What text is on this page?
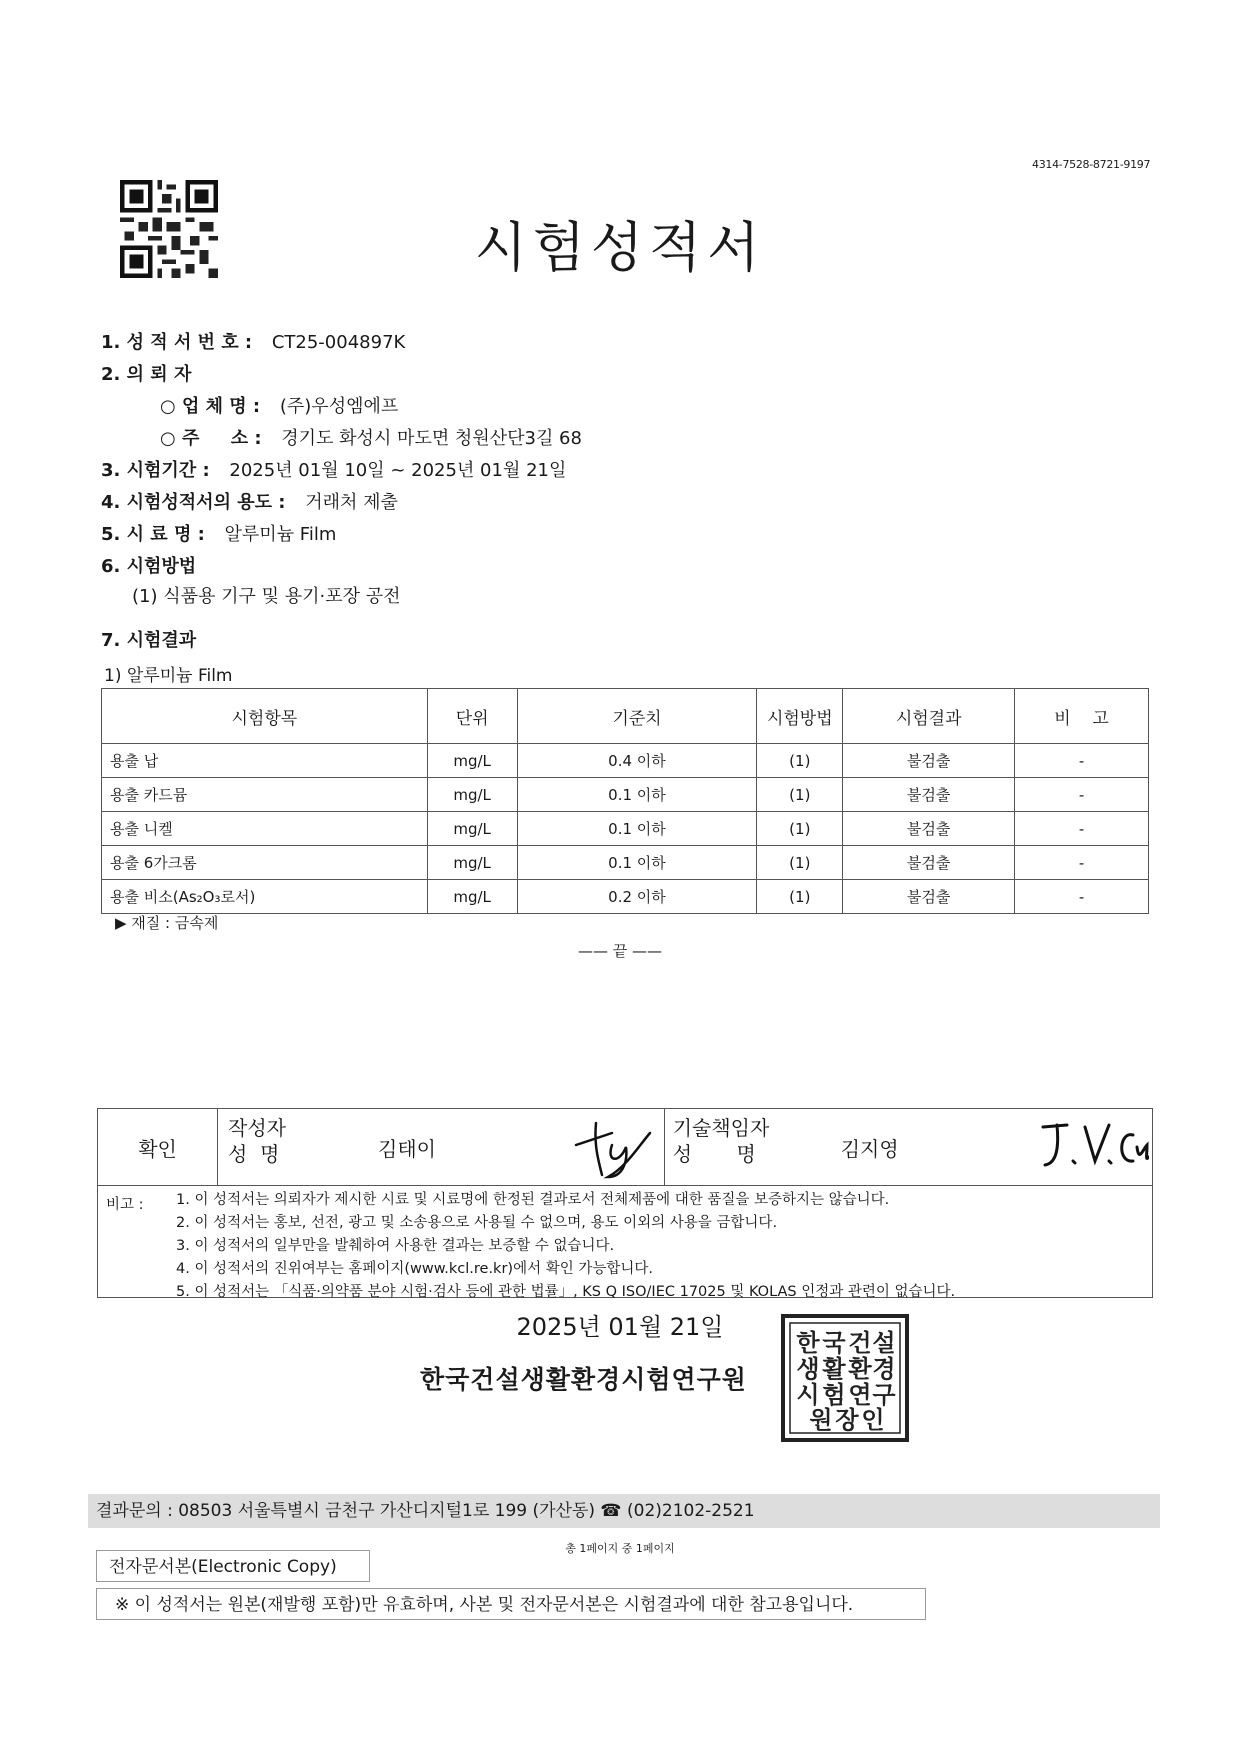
4314-7528-8721-9197
시험성적서
1. 성 적 서 번 호 : CT25-004897K
2. 의 뢰 자
○ 업 체 명 : (주)우성엠에프
○ 주     소 : 경기도 화성시 마도면 청원산단3길 68
3. 시험기간 : 2025년 01월 10일 ~ 2025년 01월 21일
4. 시험성적서의 용도 : 거래처 제출
5. 시 료 명 : 알루미늄 Film
6. 시험방법
(1) 식품용 기구 및 용기·포장 공전
7. 시험결과
1) 알루미늄 Film
시험항목	단위	기준치	시험방법	시험결과	비    고
용출 납	mg/L	0.4 이하	(1)	불검출	-
용출 카드뮴	mg/L	0.1 이하	(1)	불검출	-
용출 니켈	mg/L	0.1 이하	(1)	불검출	-
용출 6가크롬	mg/L	0.1 이하	(1)	불검출	-
용출 비소(As₂O₃로서)	mg/L	0.2 이하	(1)	불검출	-
▶ 재질 : 금속제
—— 끝 ——
확인	
작성자
성  명	김태이

기술책임자
성       명	김지영
비고 : 1. 이 성적서는 의뢰자가 제시한 시료 및 시료명에 한정된 결과로서 전체제품에 대한 품질을 보증하지는 않습니다.
2. 이 성적서는 홍보, 선전, 광고 및 소송용으로 사용될 수 없으며, 용도 이외의 사용을 금합니다.
3. 이 성적서의 일부만을 발췌하여 사용한 결과는 보증할 수 없습니다.
4. 이 성적서의 진위여부는 홈페이지(www.kcl.re.kr)에서 확인 가능합니다.
5. 이 성적서는 「식품·의약품 분야 시험·검사 등에 관한 법률」, KS Q ISO/IEC 17025 및 KOLAS 인정과 관련이 없습니다.
2025년 01월 21일
한국건설생활환경시험연구원
한 국 건 설
생 활 환 경
시 험 연 구
원 장 인
결과문의 : 08503 서울특별시 금천구 가산디지털1로 199 (가산동) ☎ (02)2102-2521
총 1페이지 중 1페이지
전자문서본(Electronic Copy)
※ 이 성적서는 원본(재발행 포함)만 유효하며, 사본 및 전자문서본은 시험결과에 대한 참고용입니다.
